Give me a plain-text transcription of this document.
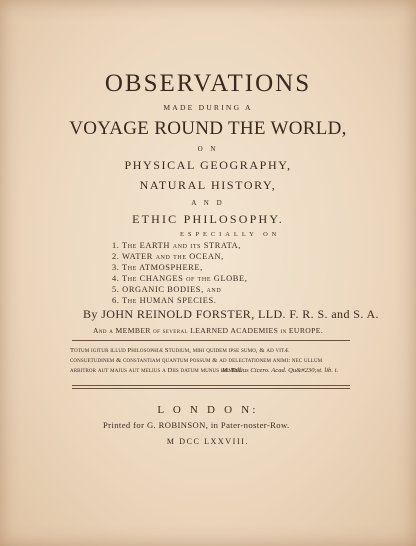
OBSERVATIONS
MADE DURING A
VOYAGE ROUND THE WORLD,
O N
PHYSICAL GEOGRAPHY,
NATURAL HISTORY,
A N D
ETHIC PHILOSOPHY.
ESPECIALLY ON
1. The EARTH and its STRATA,
2. WATER and the OCEAN,
3. The ATMOSPHERE,
4. The CHANGES of the GLOBE,
5. ORGANIC BODIES, and
6. The HUMAN SPECIES.
By JOHN REINOLD FORSTER, LLD. F. R. S. and S. A.
And a MEMBER of several LEARNED ACADEMIES in EUROPE.
Totum igitur illud Philosophiæ Studium, mihi quidem ipse sumo, & ad vitæ
consuetudinem & constantiam quantum possum & ad delectationem animi: nec ullum
arbitror aut majus aut melius a Diis datum munus homini.
M. Tullius Cicero. Acad. Qu&#230;st. lib. i.
L O N D O N:
Printed for G. ROBINSON, in Pater-noster-Row.
M DCC LXXVIII.
